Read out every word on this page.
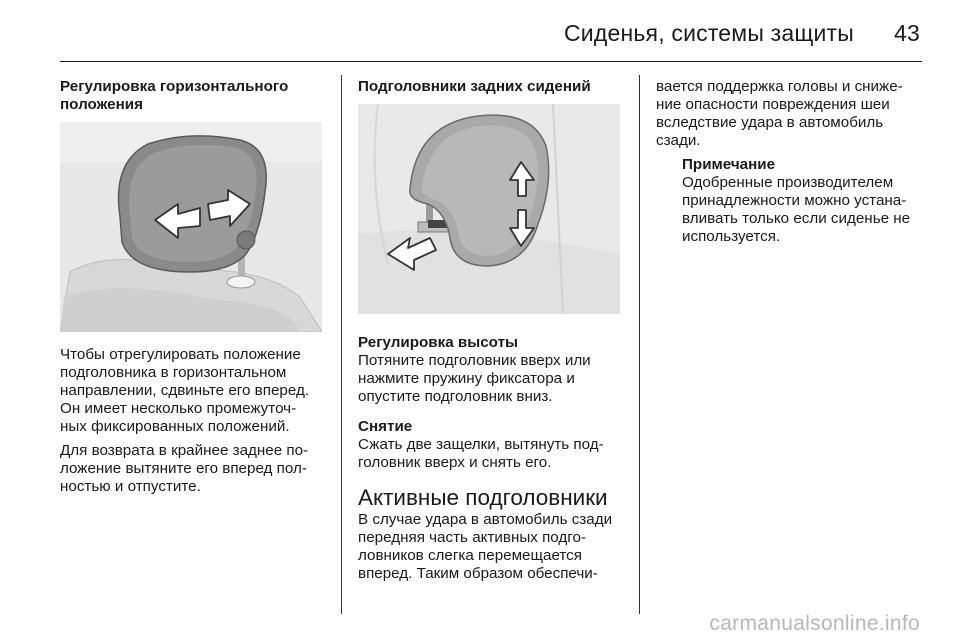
Сиденья, системы защиты 43
Регулировка горизонтального
положения

Чтобы отрегулировать положение
подголовника в горизонтальном
направлении, сдвиньте его вперед.
Он имеет несколько промежуточ-
ных фиксированных положений.

Для возврата в крайнее заднее по-
ложение вытяните его вперед пол-
ностью и отпустите.

Подголовники задних сидений
Регулировка высоты

Потяните подголовник вверх или
нажмите пружину фиксатора и
опустите подголовник вниз.

Снятие

Сжать две защелки, вытянуть под-
головник вверх и снять его.

Активные подголовники

В случае удара в автомобиль сзади
передняя часть активных подго-
ловников слегка перемещается
вперед. Таким образом обеспечи-

вается поддержка головы и сниже-
ние опасности повреждения шеи
вследствие удара в автомобиль
сзади.

Примечание

Одобренные производителем
принадлежности можно устана-
вливать только если сиденье не
используется.

carmanualsonline.info
